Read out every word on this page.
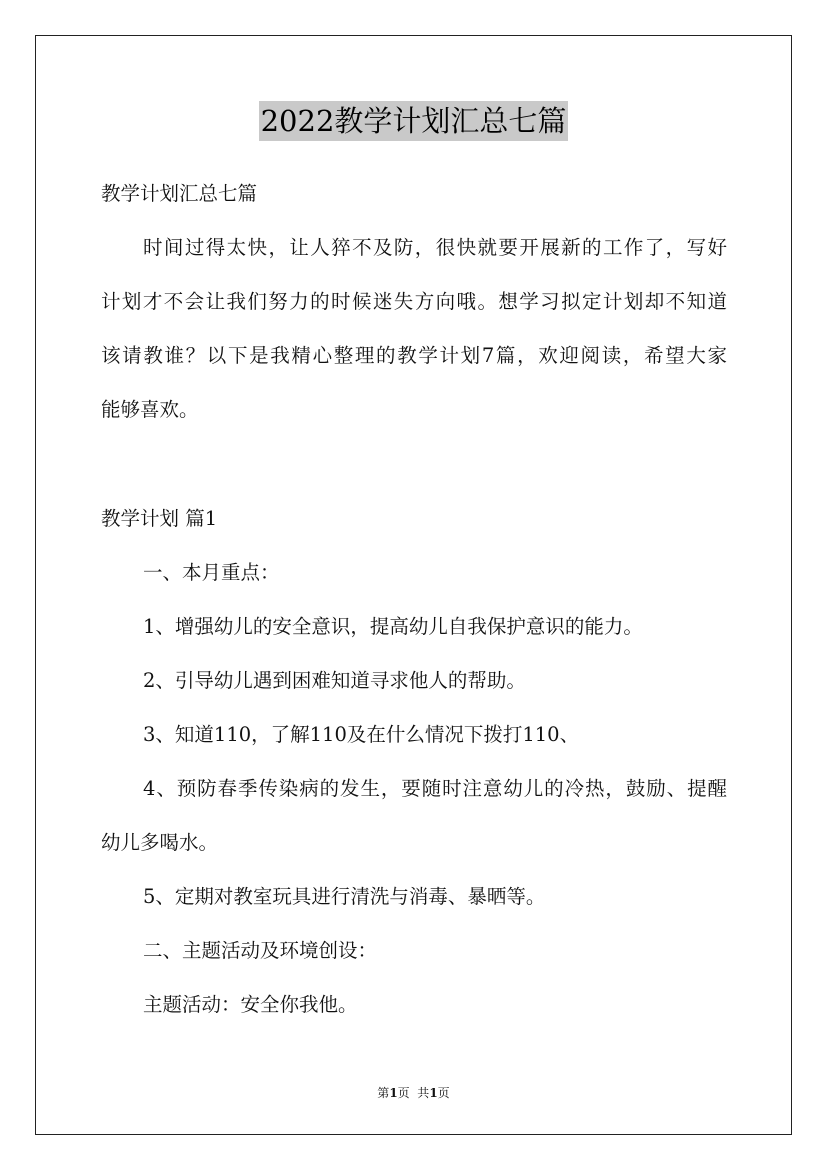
2022教学计划汇总七篇
教学计划汇总七篇
时间过得太快，让人猝不及防，很快就要开展新的工作了，写好
计划才不会让我们努力的时候迷失方向哦。想学习拟定计划却不知道
该请教谁？以下是我精心整理的教学计划7篇，欢迎阅读，希望大家
能够喜欢。
教学计划 篇1
一、本月重点：
1、增强幼儿的安全意识，提高幼儿自我保护意识的能力。
2、引导幼儿遇到困难知道寻求他人的帮助。
3、知道110，了解110及在什么情况下拨打110、
4、预防春季传染病的发生，要随时注意幼儿的冷热，鼓励、提醒
幼儿多喝水。
5、定期对教室玩具进行清洗与消毒、暴晒等。
二、主题活动及环境创设：
主题活动：安全你我他。
第1页  共1页
